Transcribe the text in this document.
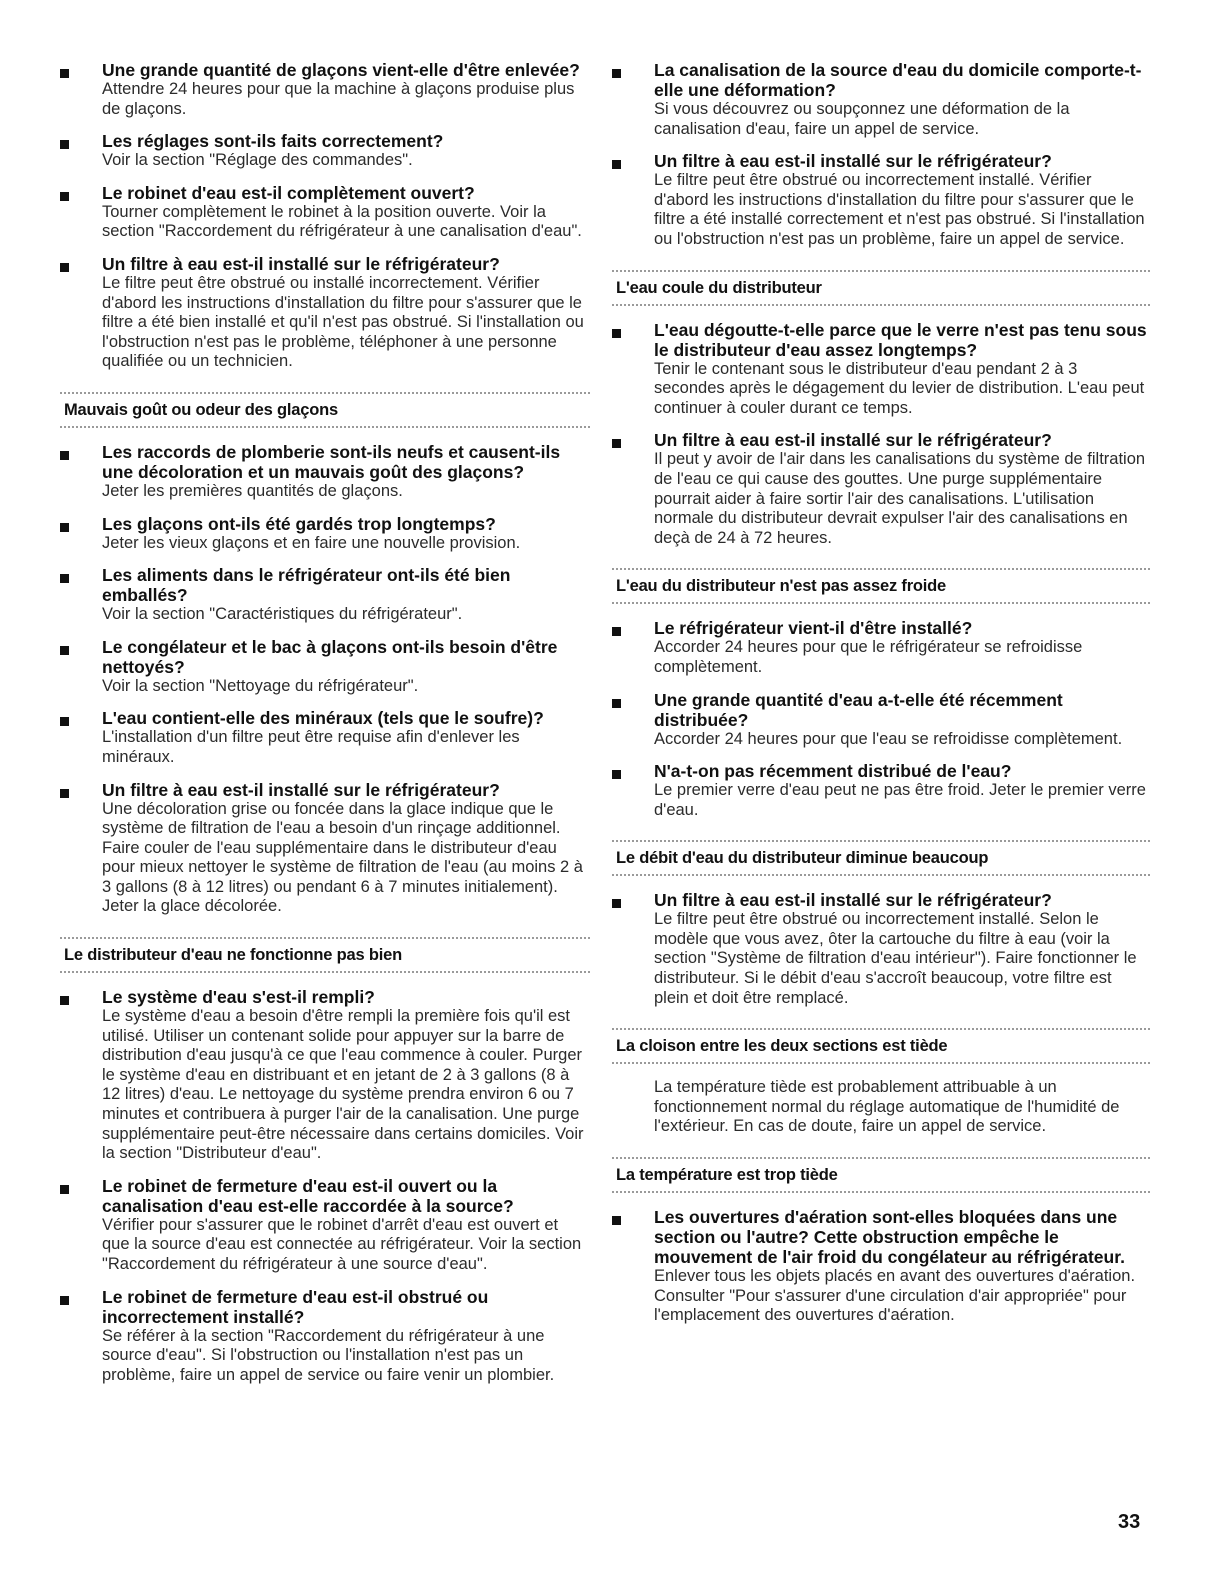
Une grande quantité de glaçons vient-elle d'être enlevée?
Attendre 24 heures pour que la machine à glaçons produise plus de glaçons.
Les réglages sont-ils faits correctement?
Voir la section "Réglage des commandes".
Le robinet d'eau est-il complètement ouvert?
Tourner complètement le robinet à la position ouverte. Voir la section "Raccordement du réfrigérateur à une canalisation d'eau".
Un filtre à eau est-il installé sur le réfrigérateur?
Le filtre peut être obstrué ou installé incorrectement. Vérifier d'abord les instructions d'installation du filtre pour s'assurer que le filtre a été bien installé et qu'il n'est pas obstrué. Si l'installation ou l'obstruction n'est pas le problème, téléphoner à une personne qualifiée ou un technicien.
Mauvais goût ou odeur des glaçons
Les raccords de plomberie sont-ils neufs et causent-ils une décoloration et un mauvais goût des glaçons?
Jeter les premières quantités de glaçons.
Les glaçons ont-ils été gardés trop longtemps?
Jeter les vieux glaçons et en faire une nouvelle provision.
Les aliments dans le réfrigérateur ont-ils été bien emballés?
Voir la section "Caractéristiques du réfrigérateur".
Le congélateur et le bac à glaçons ont-ils besoin d'être nettoyés?
Voir la section "Nettoyage du réfrigérateur".
L'eau contient-elle des minéraux (tels que le soufre)?
L'installation d'un filtre peut être requise afin d'enlever les minéraux.
Un filtre à eau est-il installé sur le réfrigérateur?
Une décoloration grise ou foncée dans la glace indique que le système de filtration de l'eau a besoin d'un rinçage additionnel. Faire couler de l'eau supplémentaire dans le distributeur d'eau pour mieux nettoyer le système de filtration de l'eau (au moins 2 à 3 gallons (8 à 12 litres) ou pendant 6 à 7 minutes initialement). Jeter la glace décolorée.
Le distributeur d'eau ne fonctionne pas bien
Le système d'eau s'est-il rempli?
Le système d'eau a besoin d'être rempli la première fois qu'il est utilisé. Utiliser un contenant solide pour appuyer sur la barre de distribution d'eau jusqu'à ce que l'eau commence à couler. Purger le système d'eau en distribuant et en jetant de 2 à 3 gallons (8 à 12 litres) d'eau. Le nettoyage du système prendra environ 6 ou 7 minutes et contribuera à purger l'air de la canalisation. Une purge supplémentaire peut-être nécessaire dans certains domiciles. Voir la section "Distributeur d'eau".
Le robinet de fermeture d'eau est-il ouvert ou la canalisation d'eau est-elle raccordée à la source?
Vérifier pour s'assurer que le robinet d'arrêt d'eau est ouvert et que la source d'eau est connectée au réfrigérateur. Voir la section "Raccordement du réfrigérateur à une source d'eau".
Le robinet de fermeture d'eau est-il obstrué ou incorrectement installé?
Se référer à la section "Raccordement du réfrigérateur à une source d'eau". Si l'obstruction ou l'installation n'est pas un problème, faire un appel de service ou faire venir un plombier.
La canalisation de la source d'eau du domicile comporte-t-elle une déformation?
Si vous découvrez ou soupçonnez une déformation de la canalisation d'eau, faire un appel de service.
Un filtre à eau est-il installé sur le réfrigérateur?
Le filtre peut être obstrué ou incorrectement installé. Vérifier d'abord les instructions d'installation du filtre pour s'assurer que le filtre a été installé correctement et n'est pas obstrué. Si l'installation ou l'obstruction n'est pas un problème, faire un appel de service.
L'eau coule du distributeur
L'eau dégoutte-t-elle parce que le verre n'est pas tenu sous le distributeur d'eau assez longtemps?
Tenir le contenant sous le distributeur d'eau pendant 2 à 3 secondes après le dégagement du levier de distribution. L'eau peut continuer à couler durant ce temps.
Un filtre à eau est-il installé sur le réfrigérateur?
Il peut y avoir de l'air dans les canalisations du système de filtration de l'eau ce qui cause des gouttes. Une purge supplémentaire pourrait aider à faire sortir l'air des canalisations. L'utilisation normale du distributeur devrait expulser l'air des canalisations en deçà de 24 à 72 heures.
L'eau du distributeur n'est pas assez froide
Le réfrigérateur vient-il d'être installé?
Accorder 24 heures pour que le réfrigérateur se refroidisse complètement.
Une grande quantité d'eau a-t-elle été récemment distribuée?
Accorder 24 heures pour que l'eau se refroidisse complètement.
N'a-t-on pas récemment distribué de l'eau?
Le premier verre d'eau peut ne pas être froid. Jeter le premier verre d'eau.
Le débit d'eau du distributeur diminue beaucoup
Un filtre à eau est-il installé sur le réfrigérateur?
Le filtre peut être obstrué ou incorrectement installé. Selon le modèle que vous avez, ôter la cartouche du filtre à eau (voir la section "Système de filtration d'eau intérieur"). Faire fonctionner le distributeur. Si le débit d'eau s'accroît beaucoup, votre filtre est plein et doit être remplacé.
La cloison entre les deux sections est tiède
La température tiède est probablement attribuable à un fonctionnement normal du réglage automatique de l'humidité de l'extérieur. En cas de doute, faire un appel de service.
La température est trop tiède
Les ouvertures d'aération sont-elles bloquées dans une section ou l'autre? Cette obstruction empêche le mouvement de l'air froid du congélateur au réfrigérateur.
Enlever tous les objets placés en avant des ouvertures d'aération. Consulter "Pour s'assurer d'une circulation d'air appropriée" pour l'emplacement des ouvertures d'aération.
33
